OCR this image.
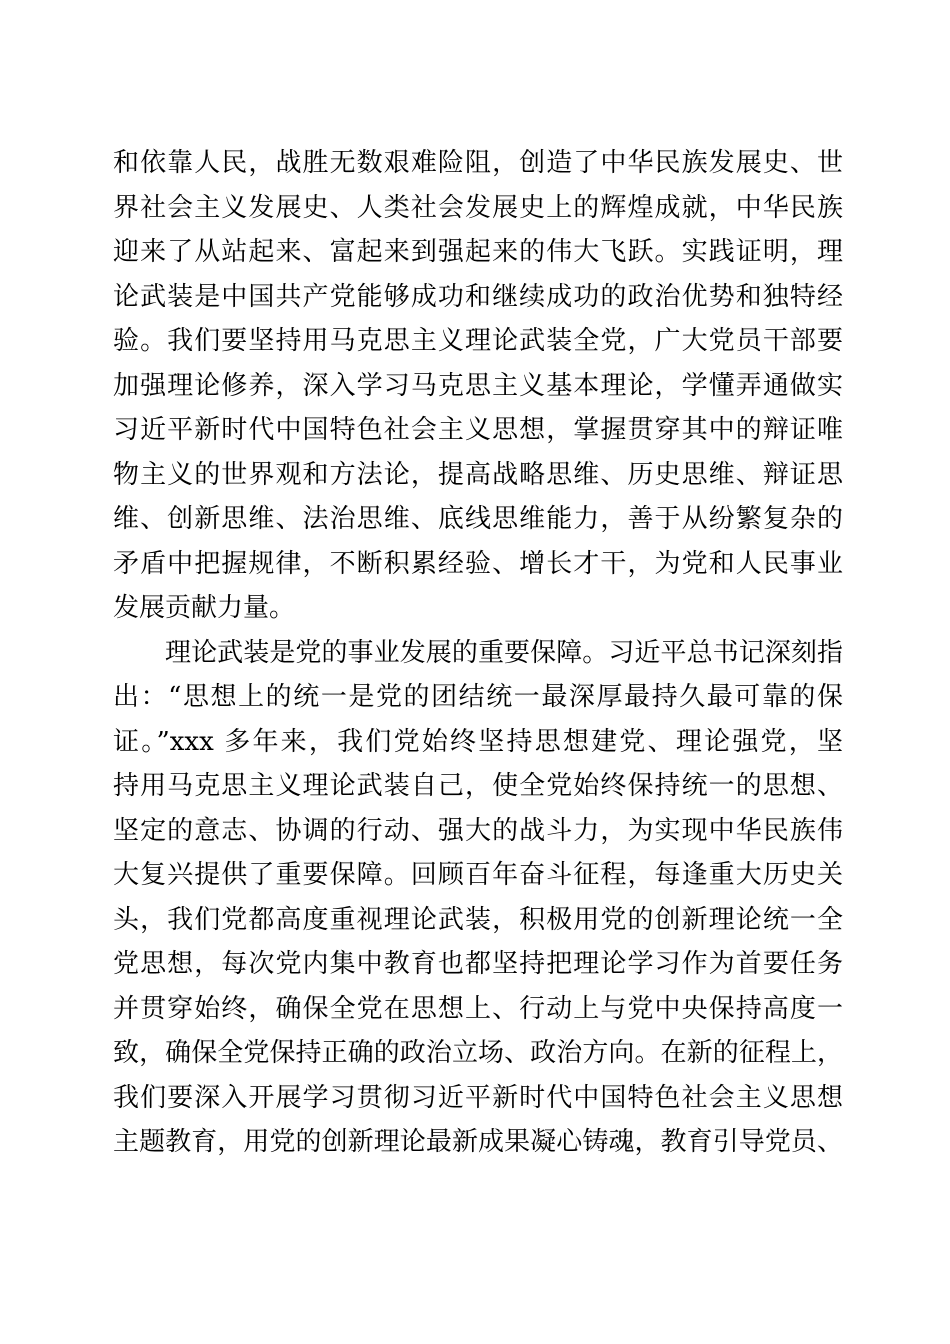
和依靠人民，战胜无数艰难险阻，创造了中华民族发展史、世
界社会主义发展史、人类社会发展史上的辉煌成就，中华民族
迎来了从站起来、富起来到强起来的伟大飞跃。实践证明，理
论武装是中国共产党能够成功和继续成功的政治优势和独特经
验。我们要坚持用马克思主义理论武装全党，广大党员干部要
加强理论修养，深入学习马克思主义基本理论，学懂弄通做实
习近平新时代中国特色社会主义思想，掌握贯穿其中的辩证唯
物主义的世界观和方法论，提高战略思维、历史思维、辩证思
维、创新思维、法治思维、底线思维能力，善于从纷繁复杂的
矛盾中把握规律，不断积累经验、增长才干，为党和人民事业
发展贡献力量。
理论武装是党的事业发展的重要保障。习近平总书记深刻指
出：“思想上的统一是党的团结统一最深厚最持久最可靠的保
证。”xxx 多年来，我们党始终坚持思想建党、理论强党，坚
持用马克思主义理论武装自己，使全党始终保持统一的思想、
坚定的意志、协调的行动、强大的战斗力，为实现中华民族伟
大复兴提供了重要保障。回顾百年奋斗征程，每逢重大历史关
头，我们党都高度重视理论武装，积极用党的创新理论统一全
党思想，每次党内集中教育也都坚持把理论学习作为首要任务
并贯穿始终，确保全党在思想上、行动上与党中央保持高度一
致，确保全党保持正确的政治立场、政治方向。在新的征程上，
我们要深入开展学习贯彻习近平新时代中国特色社会主义思想
主题教育，用党的创新理论最新成果凝心铸魂，教育引导党员、
